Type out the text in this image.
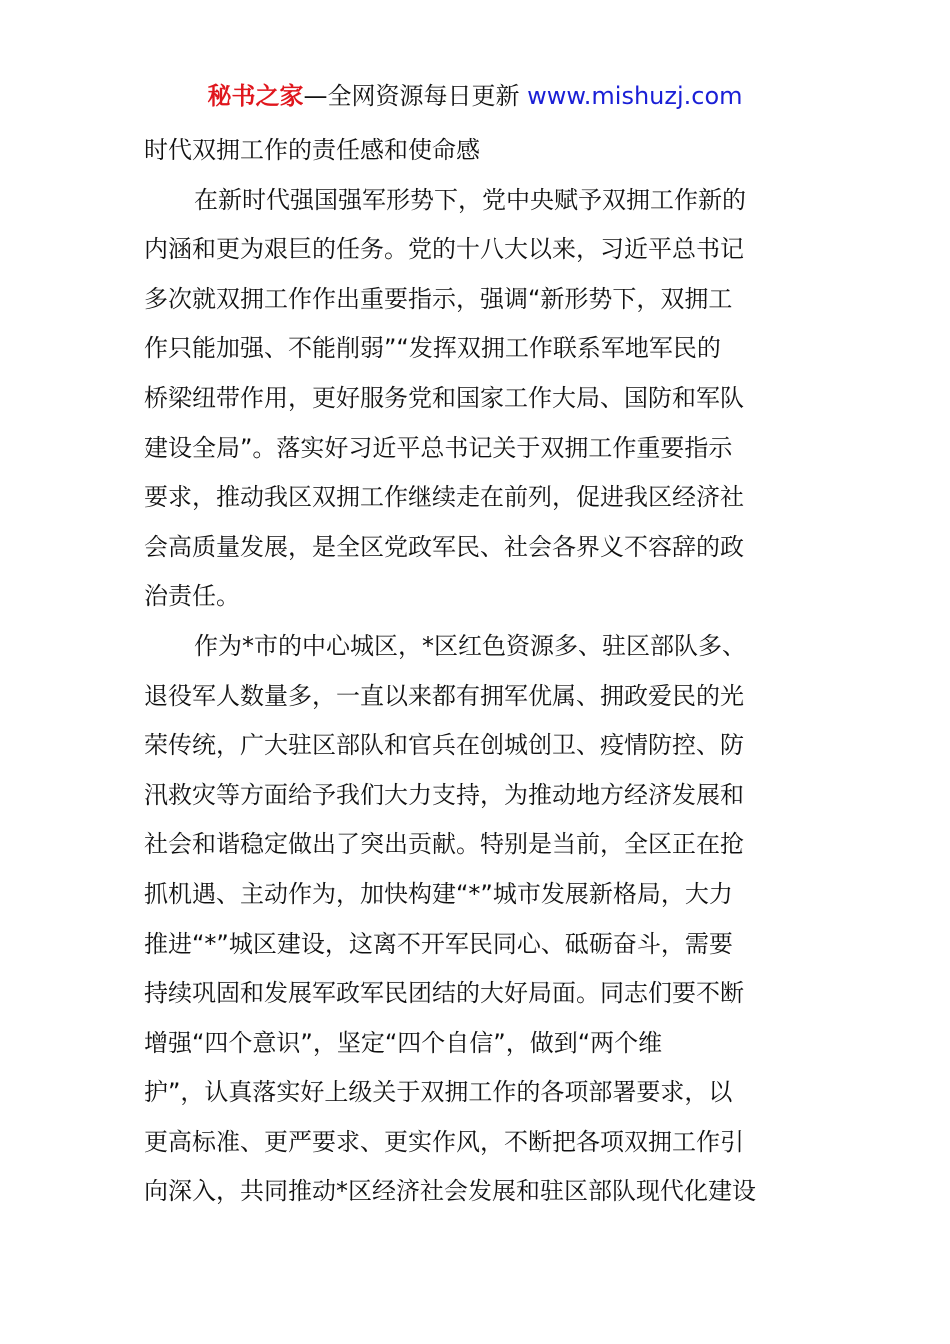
秘书之家—全网资源每日更新 www.mishuzj.com
时代双拥工作的责任感和使命感
在新时代强国强军形势下，党中央赋予双拥工作新的
内涵和更为艰巨的任务。党的十八大以来，习近平总书记
多次就双拥工作作出重要指示，强调“新形势下，双拥工
作只能加强、不能削弱”“发挥双拥工作联系军地军民的
桥梁纽带作用，更好服务党和国家工作大局、国防和军队
建设全局”。落实好习近平总书记关于双拥工作重要指示
要求，推动我区双拥工作继续走在前列，促进我区经济社
会高质量发展，是全区党政军民、社会各界义不容辞的政
治责任。
作为*市的中心城区，*区红色资源多、驻区部队多、
退役军人数量多，一直以来都有拥军优属、拥政爱民的光
荣传统，广大驻区部队和官兵在创城创卫、疫情防控、防
汛救灾等方面给予我们大力支持，为推动地方经济发展和
社会和谐稳定做出了突出贡献。特别是当前，全区正在抢
抓机遇、主动作为，加快构建“*”城市发展新格局，大力
推进“*”城区建设，这离不开军民同心、砥砺奋斗，需要
持续巩固和发展军政军民团结的大好局面。同志们要不断
增强“四个意识”，坚定“四个自信”，做到“两个维
护”，认真落实好上级关于双拥工作的各项部署要求，以
更高标准、更严要求、更实作风，不断把各项双拥工作引
向深入，共同推动*区经济社会发展和驻区部队现代化建设
